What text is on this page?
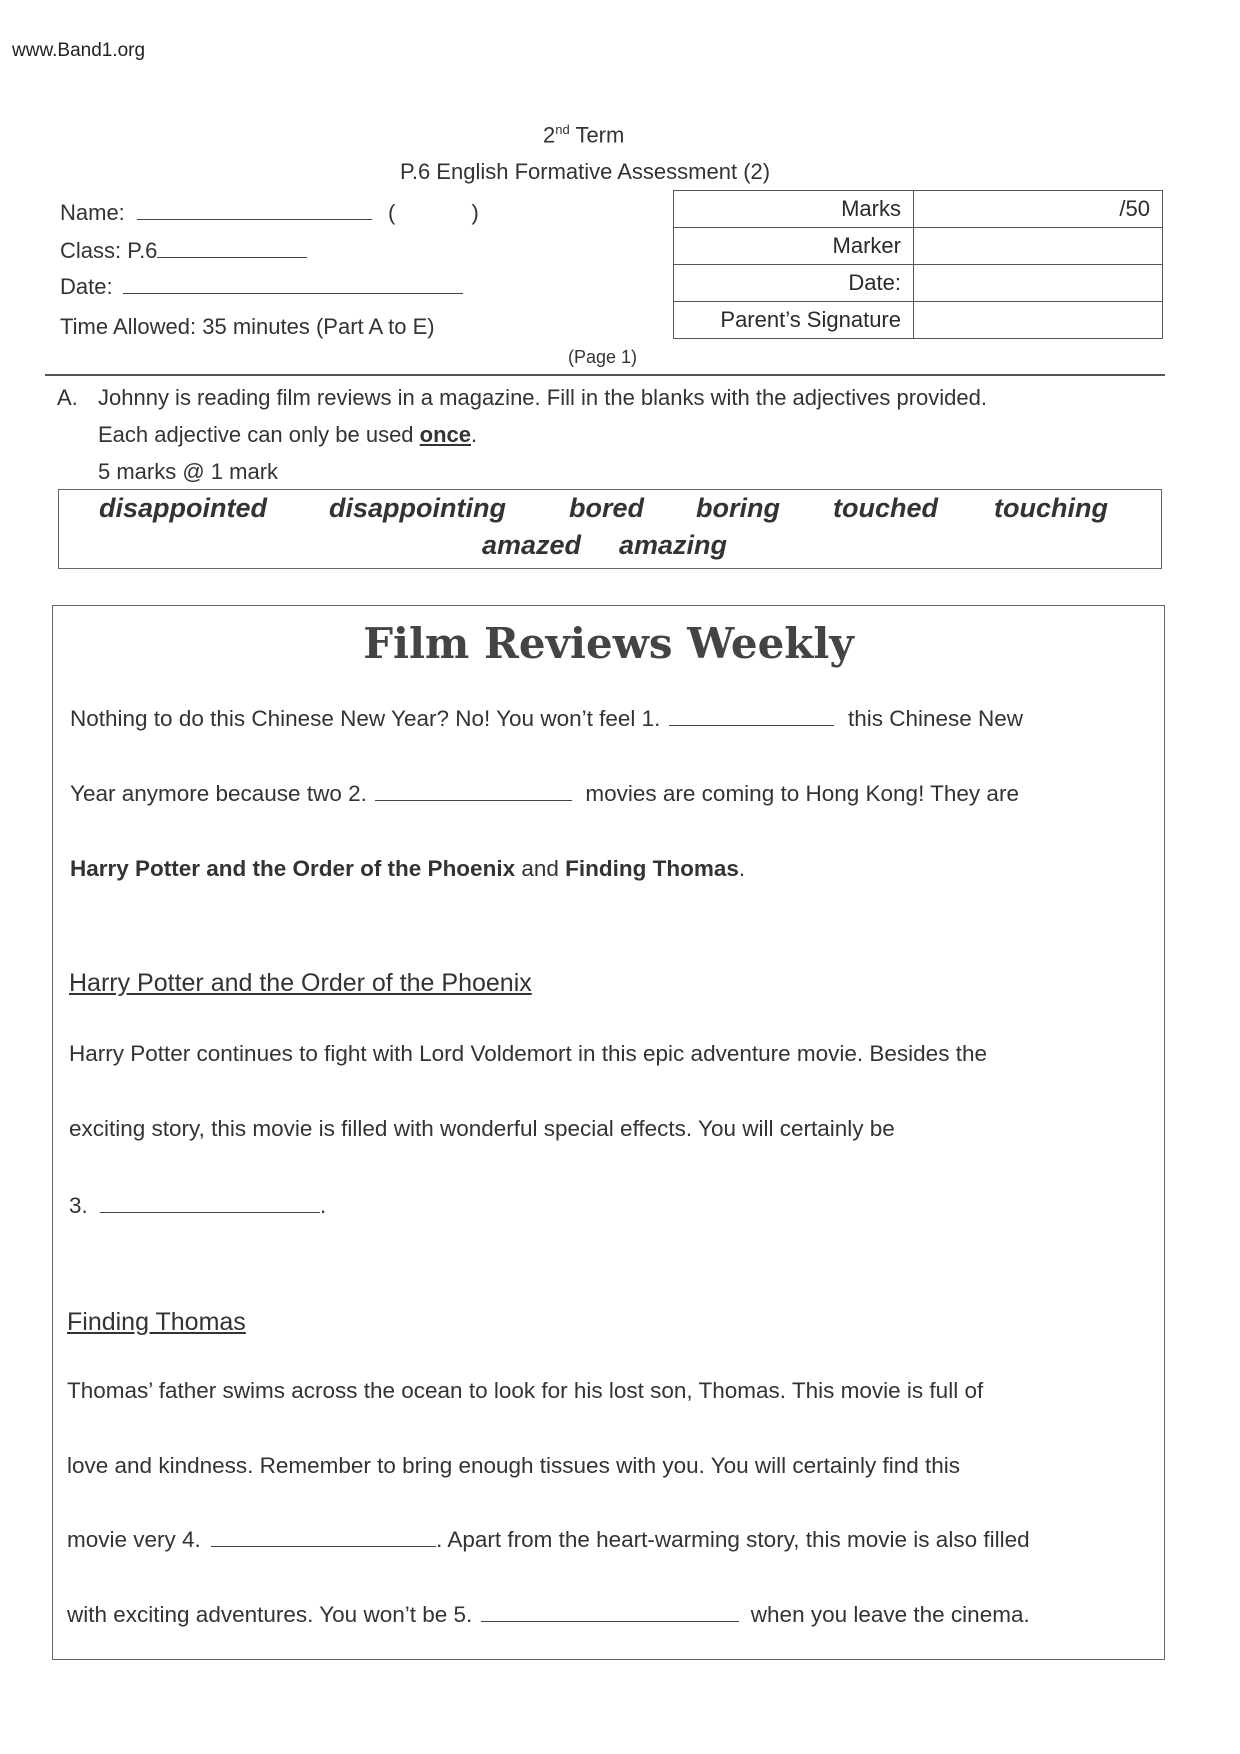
www.Band1.org
2nd Term
P.6 English Formative Assessment (2)
Name:	(	)
Class: P.6
Date:
Time Allowed: 35 minutes (Part A to E)
Marks	/50
Marker	
Date:	
Parent’s Signature	
(Page 1)
A. Johnny is reading film reviews in a magazine. Fill in the blanks with the adjectives provided.
Each adjective can only be used once.
5 marks @ 1 mark
disappointed disappointing bored boring touched touching
amazed amazing
Film Reviews Weekly
Nothing to do this Chinese New Year? No! You won’t feel 1.	this Chinese New
Year anymore because two 2.	movies are coming to Hong Kong! They are
Harry Potter and the Order of the Phoenix and Finding Thomas.
Harry Potter and the Order of the Phoenix
Harry Potter continues to fight with Lord Voldemort in this epic adventure movie. Besides the
exciting story, this movie is filled with wonderful special effects. You will certainly be
3.	.
Finding Thomas
Thomas’ father swims across the ocean to look for his lost son, Thomas. This movie is full of
love and kindness. Remember to bring enough tissues with you. You will certainly find this
movie very 4.	. Apart from the heart-warming story, this movie is also filled
with exciting adventures. You won’t be 5.	when you leave the cinema.
